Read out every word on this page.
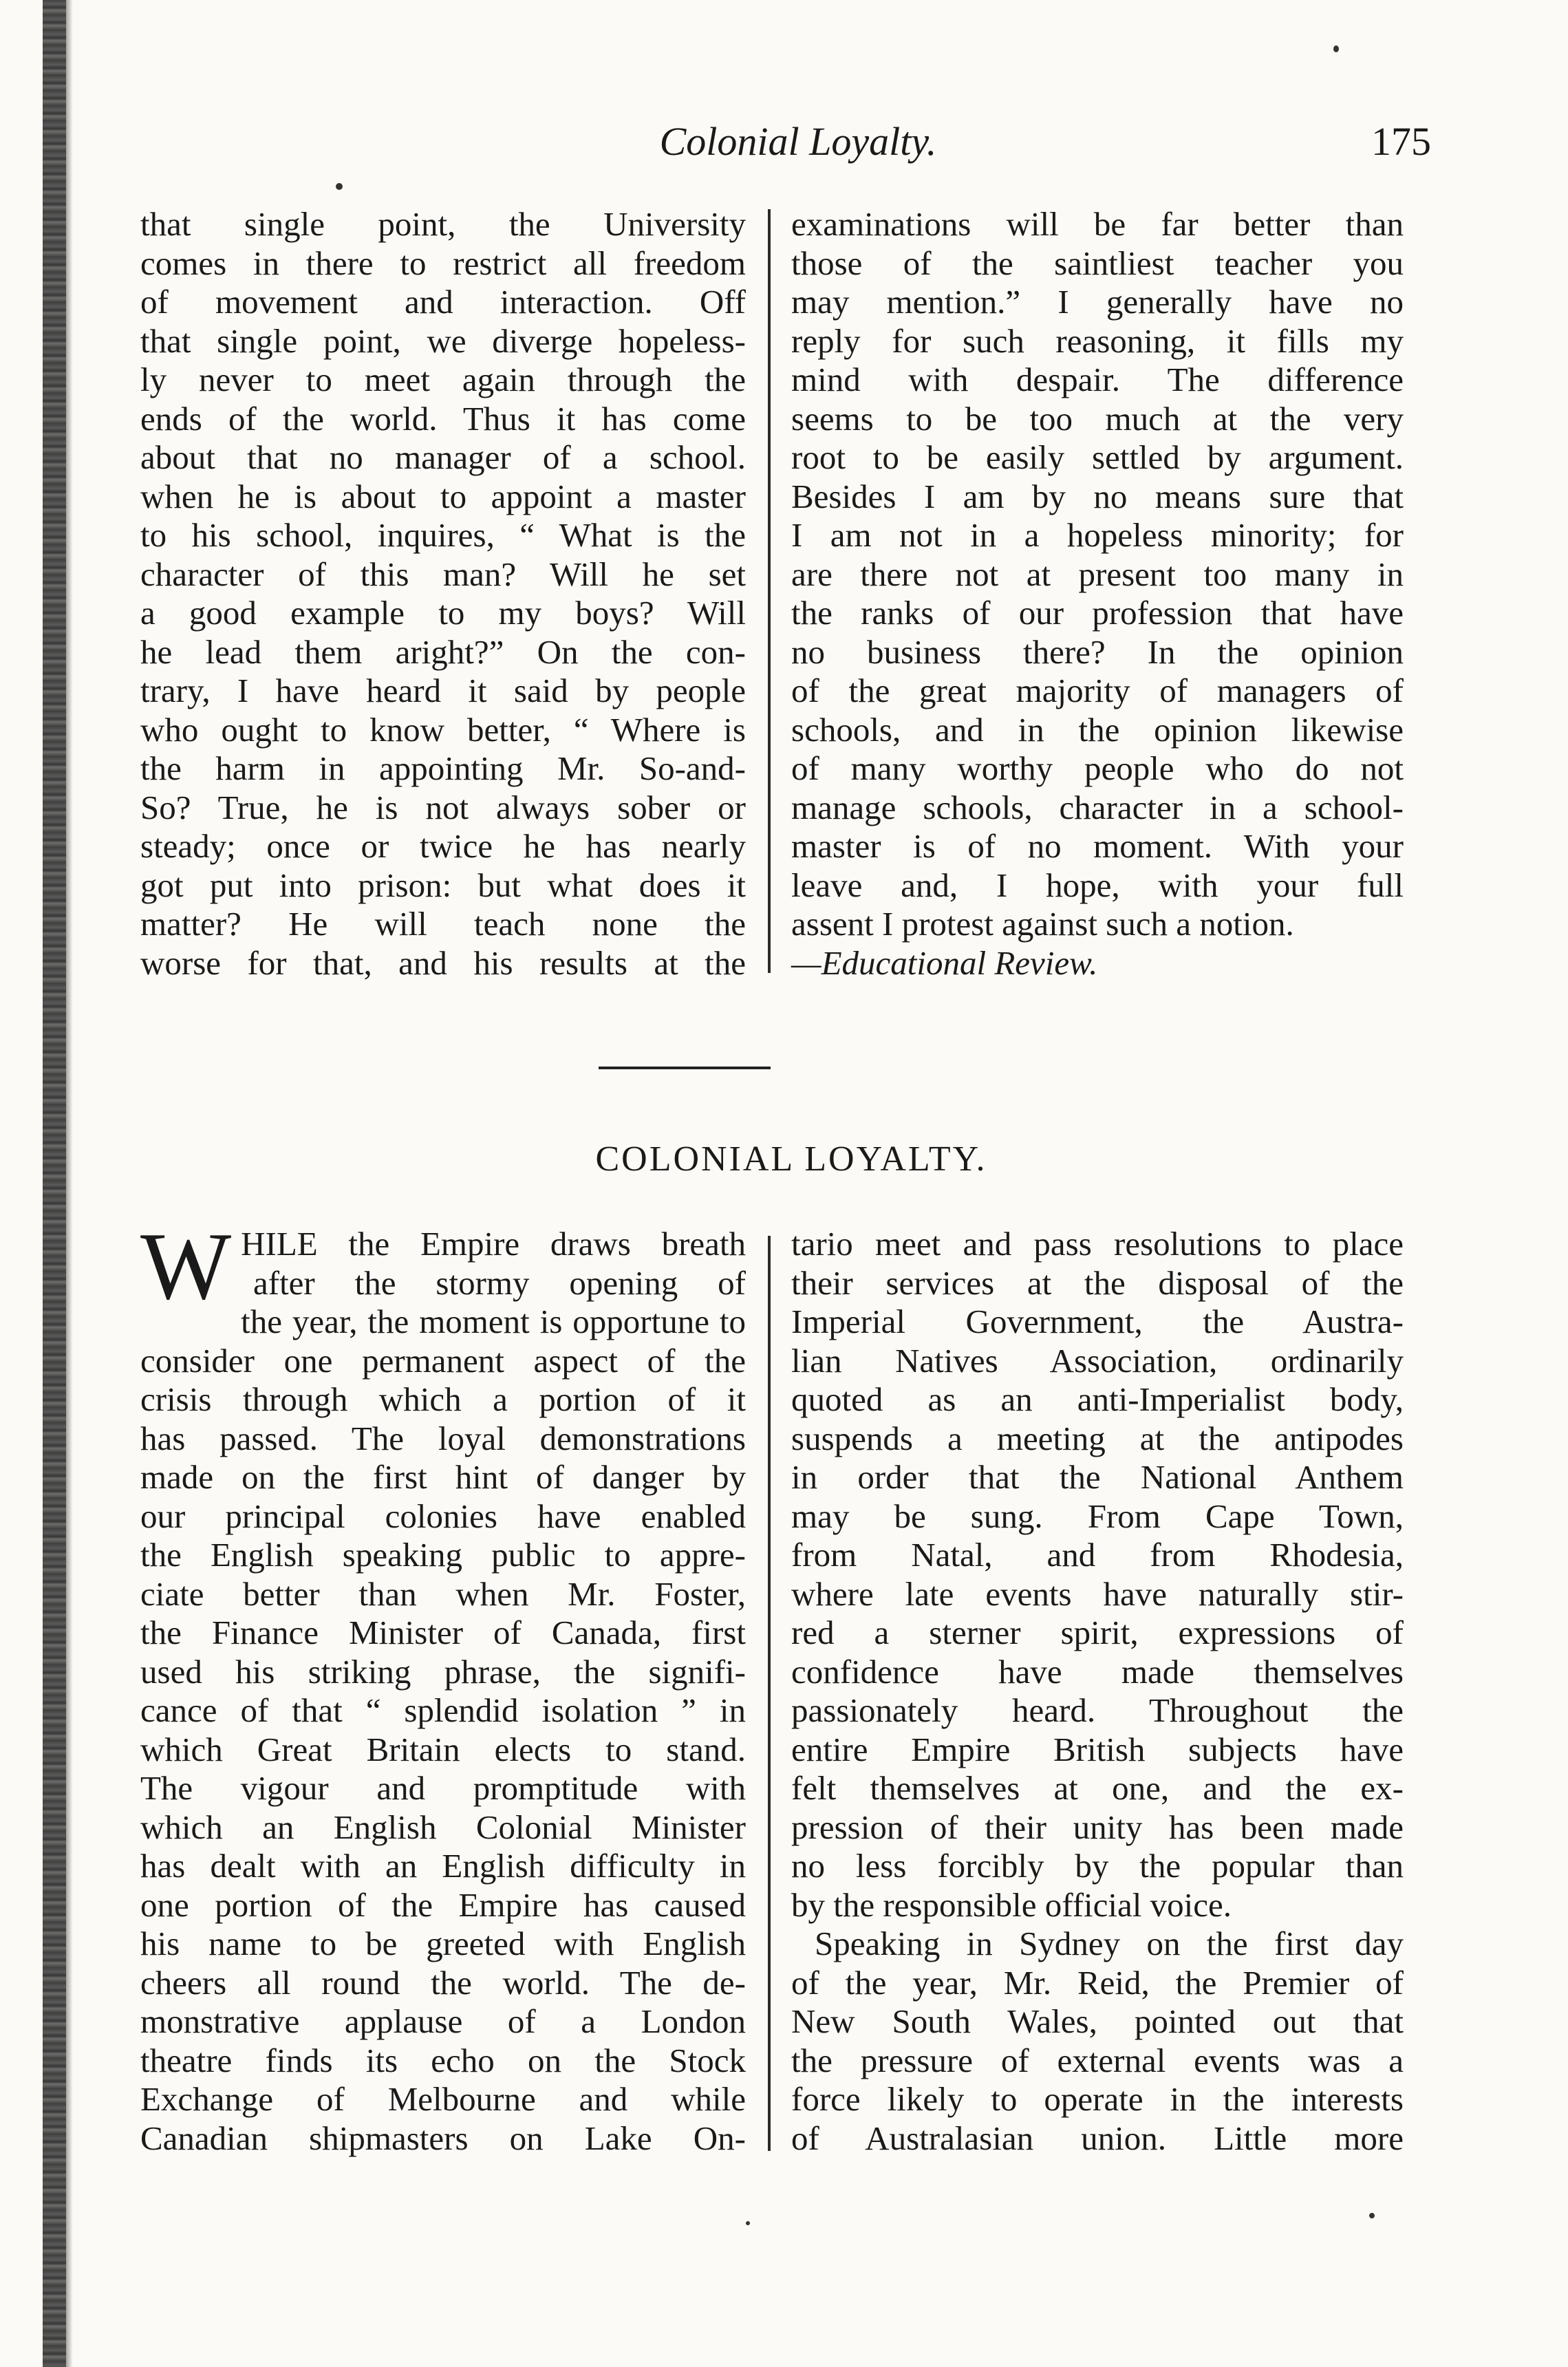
Colonial Loyalty.	175
that single point, the University
comes in there to restrict all freedom
of movement and interaction. Off
that single point, we diverge hopeless-
ly never to meet again through the
ends of the world. Thus it has come
about that no manager of a school.
when he is about to appoint a master
to his school, inquires, “ What is the
character of this man? Will he set
a good example to my boys? Will
he lead them aright?” On the con-
trary, I have heard it said by people
who ought to know better, “ Where is
the harm in appointing Mr. So-and-
So? True, he is not always sober or
steady; once or twice he has nearly
got put into prison: but what does it
matter? He will teach none the
worse for that, and his results at the
examinations will be far better than
those of the saintliest teacher you
may mention.” I generally have no
reply for such reasoning, it fills my
mind with despair. The difference
seems to be too much at the very
root to be easily settled by argument.
Besides I am by no means sure that
I am not in a hopeless minority; for
are there not at present too many in
the ranks of our profession that have
no business there? In the opinion
of the great majority of managers of
schools, and in the opinion likewise
of many worthy people who do not
manage schools, character in a school-
master is of no moment. With your
leave and, I hope, with your full
assent I protest against such a notion.
—Educational Review.
COLONIAL LOYALTY.
W HILE the Empire draws breath
after the stormy opening of
the year, the moment is opportune to
consider one permanent aspect of the
crisis through which a portion of it
has passed. The loyal demonstrations
made on the first hint of danger by
our principal colonies have enabled
the English speaking public to appre-
ciate better than when Mr. Foster,
the Finance Minister of Canada, first
used his striking phrase, the signifi-
cance of that “ splendid isolation ” in
which Great Britain elects to stand.
The vigour and promptitude with
which an English Colonial Minister
has dealt with an English difficulty in
one portion of the Empire has caused
his name to be greeted with English
cheers all round the world. The de-
monstrative applause of a London
theatre finds its echo on the Stock
Exchange of Melbourne and while
Canadian shipmasters on Lake On-
tario meet and pass resolutions to place
their services at the disposal of the
Imperial Government, the Austra-
lian Natives Association, ordinarily
quoted as an anti-Imperialist body,
suspends a meeting at the antipodes
in order that the National Anthem
may be sung. From Cape Town,
from Natal, and from Rhodesia,
where late events have naturally stir-
red a sterner spirit, expressions of
confidence have made themselves
passionately heard. Throughout the
entire Empire British subjects have
felt themselves at one, and the ex-
pression of their unity has been made
no less forcibly by the popular than
by the responsible official voice.
Speaking in Sydney on the first day
of the year, Mr. Reid, the Premier of
New South Wales, pointed out that
the pressure of external events was a
force likely to operate in the interests
of Australasian union. Little more
